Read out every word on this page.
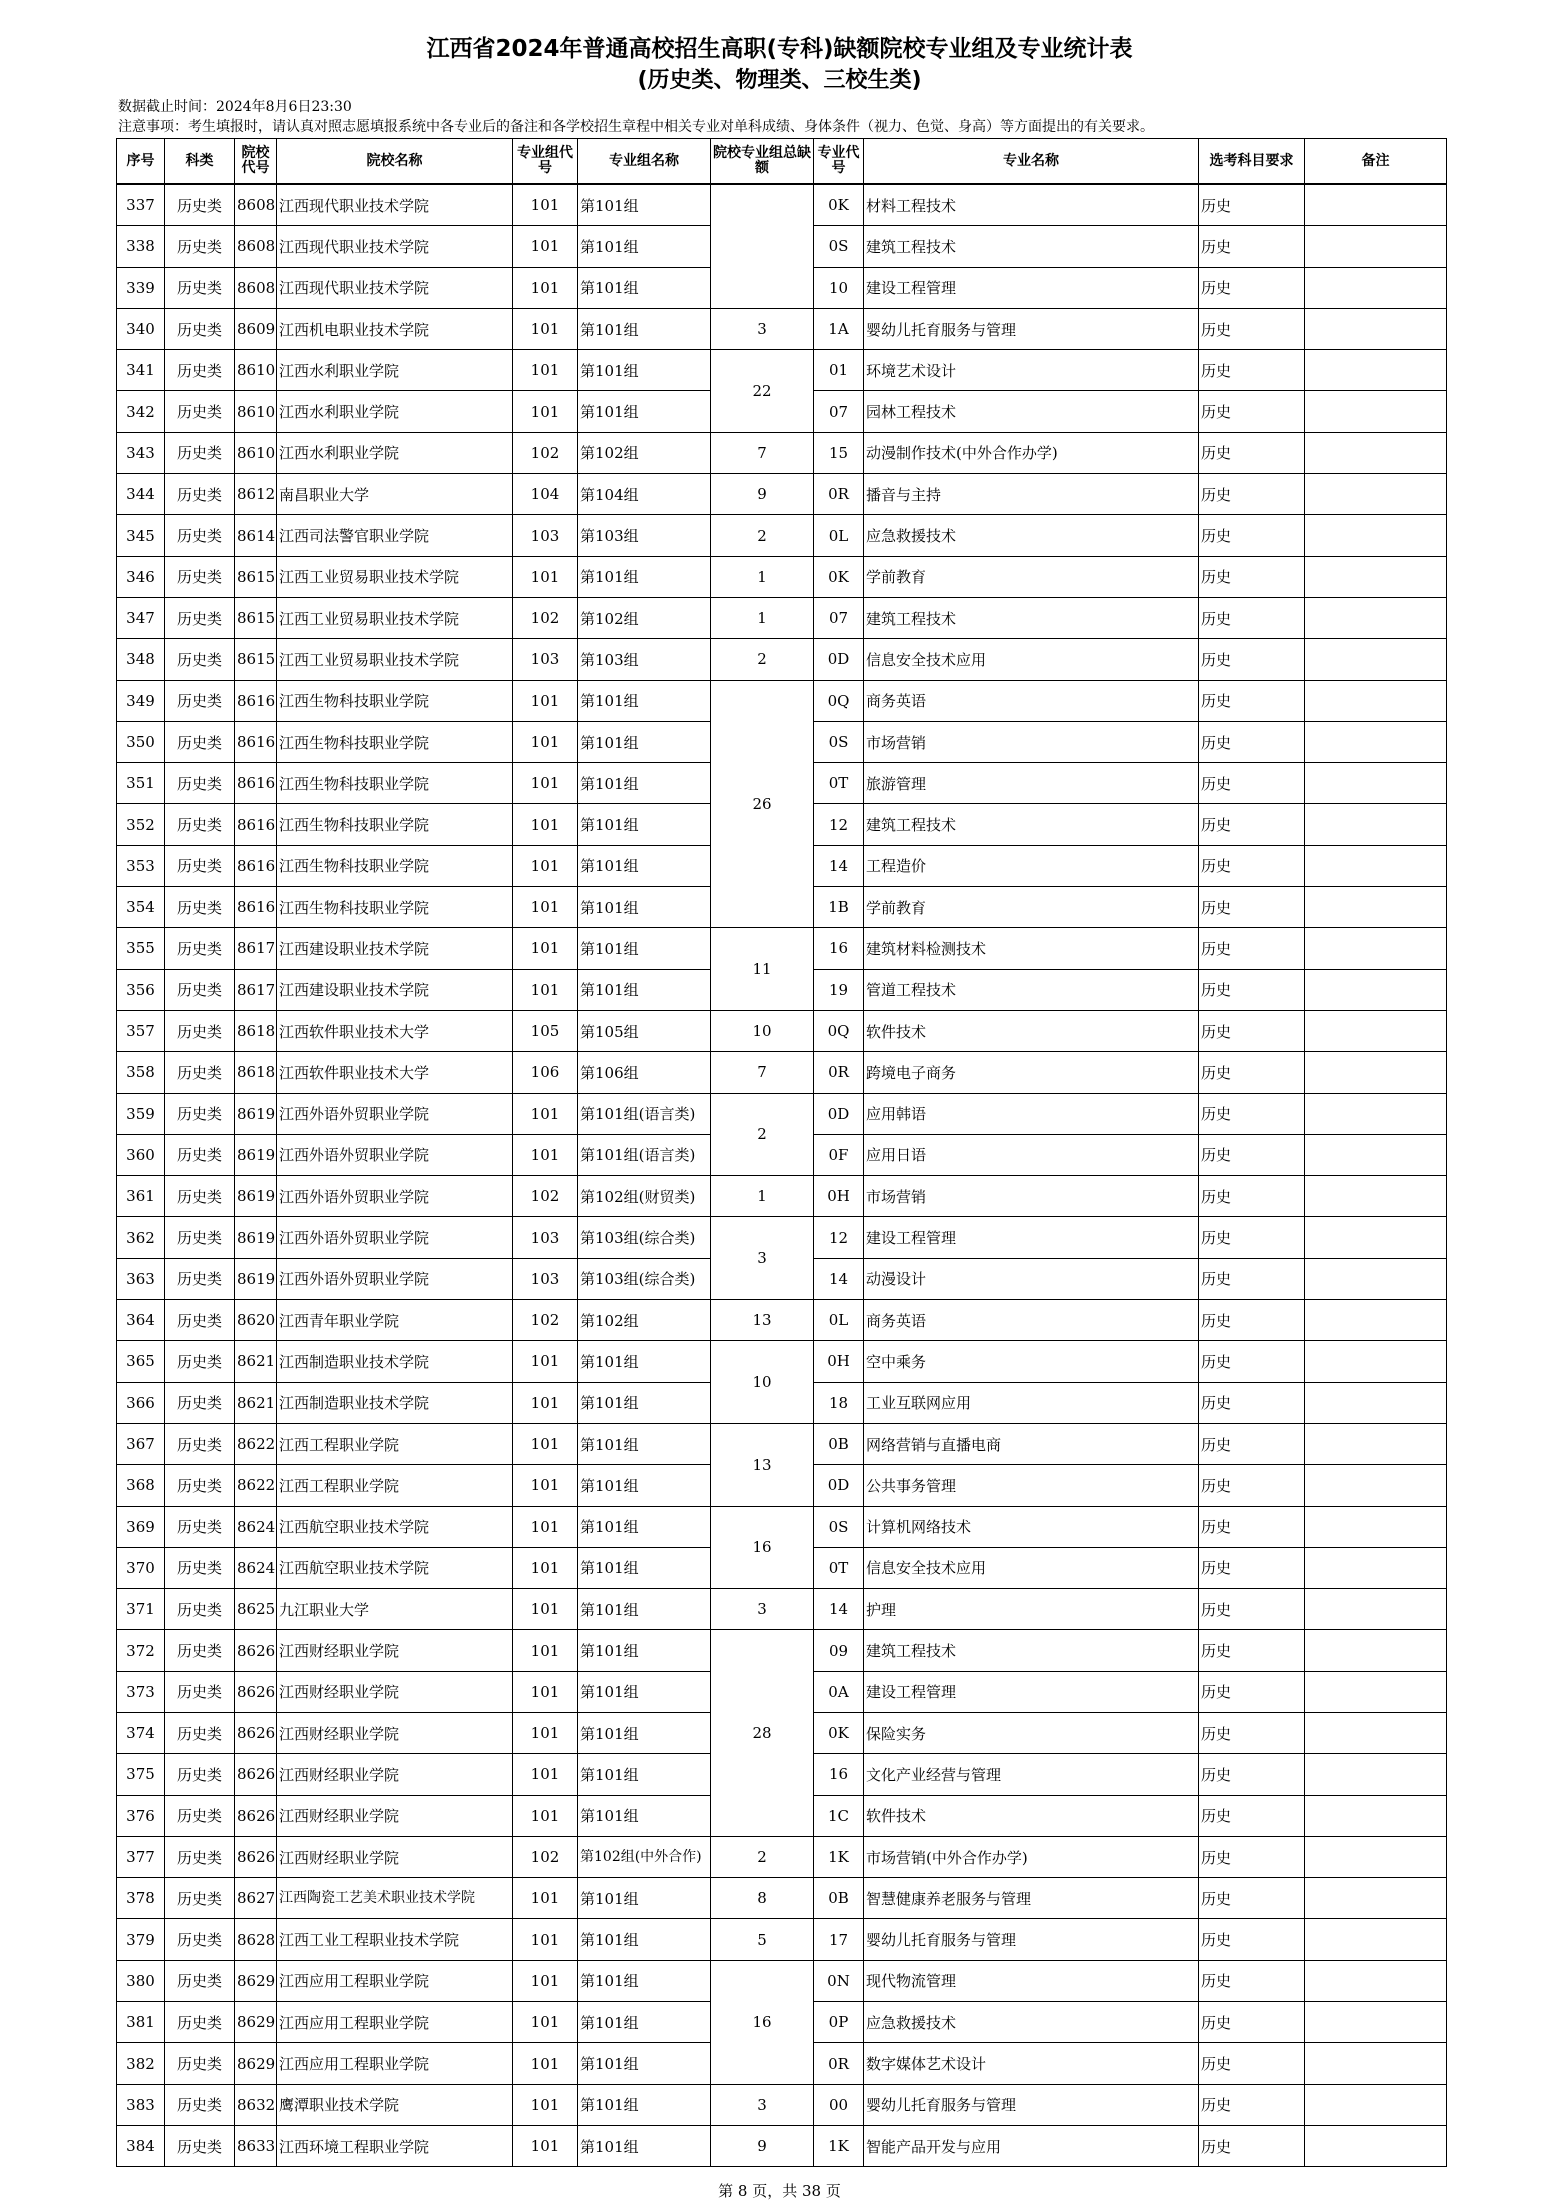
江西省2024年普通高校招生高职(专科)缺额院校专业组及专业统计表
(历史类、物理类、三校生类)
数据截止时间：2024年8月6日23:30
注意事项：考生填报时，请认真对照志愿填报系统中各专业后的备注和各学校招生章程中相关专业对单科成绩、身体条件（视力、色觉、身高）等方面提出的有关要求。
序号	科类	院校代号	院校名称	专业组代号	专业组名称	院校专业组总缺额	专业代号	专业名称	选考科目要求	备注
337	历史类	8608	江西现代职业技术学院	101	第101组		0K	材料工程技术	历史	
338	历史类	8608	江西现代职业技术学院	101	第101组		0S	建筑工程技术	历史	
339	历史类	8608	江西现代职业技术学院	101	第101组		10	建设工程管理	历史	
340	历史类	8609	江西机电职业技术学院	101	第101组	3	1A	婴幼儿托育服务与管理	历史	
341	历史类	8610	江西水利职业学院	101	第101组	22	01	环境艺术设计	历史	
342	历史类	8610	江西水利职业学院	101	第101组		07	园林工程技术	历史	
343	历史类	8610	江西水利职业学院	102	第102组	7	15	动漫制作技术(中外合作办学)	历史	
344	历史类	8612	南昌职业大学	104	第104组	9	0R	播音与主持	历史	
345	历史类	8614	江西司法警官职业学院	103	第103组	2	0L	应急救援技术	历史	
346	历史类	8615	江西工业贸易职业技术学院	101	第101组	1	0K	学前教育	历史	
347	历史类	8615	江西工业贸易职业技术学院	102	第102组	1	07	建筑工程技术	历史	
348	历史类	8615	江西工业贸易职业技术学院	103	第103组	2	0D	信息安全技术应用	历史	
349	历史类	8616	江西生物科技职业学院	101	第101组	26	0Q	商务英语	历史	
350	历史类	8616	江西生物科技职业学院	101	第101组		0S	市场营销	历史	
351	历史类	8616	江西生物科技职业学院	101	第101组		0T	旅游管理	历史	
352	历史类	8616	江西生物科技职业学院	101	第101组		12	建筑工程技术	历史	
353	历史类	8616	江西生物科技职业学院	101	第101组		14	工程造价	历史	
354	历史类	8616	江西生物科技职业学院	101	第101组		1B	学前教育	历史	
355	历史类	8617	江西建设职业技术学院	101	第101组	11	16	建筑材料检测技术	历史	
356	历史类	8617	江西建设职业技术学院	101	第101组		19	管道工程技术	历史	
357	历史类	8618	江西软件职业技术大学	105	第105组	10	0Q	软件技术	历史	
358	历史类	8618	江西软件职业技术大学	106	第106组	7	0R	跨境电子商务	历史	
359	历史类	8619	江西外语外贸职业学院	101	第101组(语言类)	2	0D	应用韩语	历史	
360	历史类	8619	江西外语外贸职业学院	101	第101组(语言类)		0F	应用日语	历史	
361	历史类	8619	江西外语外贸职业学院	102	第102组(财贸类)	1	0H	市场营销	历史	
362	历史类	8619	江西外语外贸职业学院	103	第103组(综合类)	3	12	建设工程管理	历史	
363	历史类	8619	江西外语外贸职业学院	103	第103组(综合类)		14	动漫设计	历史	
364	历史类	8620	江西青年职业学院	102	第102组	13	0L	商务英语	历史	
365	历史类	8621	江西制造职业技术学院	101	第101组	10	0H	空中乘务	历史	
366	历史类	8621	江西制造职业技术学院	101	第101组		18	工业互联网应用	历史	
367	历史类	8622	江西工程职业学院	101	第101组	13	0B	网络营销与直播电商	历史	
368	历史类	8622	江西工程职业学院	101	第101组		0D	公共事务管理	历史	
369	历史类	8624	江西航空职业技术学院	101	第101组	16	0S	计算机网络技术	历史	
370	历史类	8624	江西航空职业技术学院	101	第101组		0T	信息安全技术应用	历史	
371	历史类	8625	九江职业大学	101	第101组	3	14	护理	历史	
372	历史类	8626	江西财经职业学院	101	第101组	28	09	建筑工程技术	历史	
373	历史类	8626	江西财经职业学院	101	第101组		0A	建设工程管理	历史	
374	历史类	8626	江西财经职业学院	101	第101组		0K	保险实务	历史	
375	历史类	8626	江西财经职业学院	101	第101组		16	文化产业经营与管理	历史	
376	历史类	8626	江西财经职业学院	101	第101组		1C	软件技术	历史	
377	历史类	8626	江西财经职业学院	102	第102组(中外合作)	2	1K	市场营销(中外合作办学)	历史	
378	历史类	8627	江西陶瓷工艺美术职业技术学院	101	第101组	8	0B	智慧健康养老服务与管理	历史	
379	历史类	8628	江西工业工程职业技术学院	101	第101组	5	17	婴幼儿托育服务与管理	历史	
380	历史类	8629	江西应用工程职业学院	101	第101组	16	0N	现代物流管理	历史	
381	历史类	8629	江西应用工程职业学院	101	第101组		0P	应急救援技术	历史	
382	历史类	8629	江西应用工程职业学院	101	第101组		0R	数字媒体艺术设计	历史	
383	历史类	8632	鹰潭职业技术学院	101	第101组	3	00	婴幼儿托育服务与管理	历史	
384	历史类	8633	江西环境工程职业学院	101	第101组	9	1K	智能产品开发与应用	历史	
第 8 页，共 38 页
